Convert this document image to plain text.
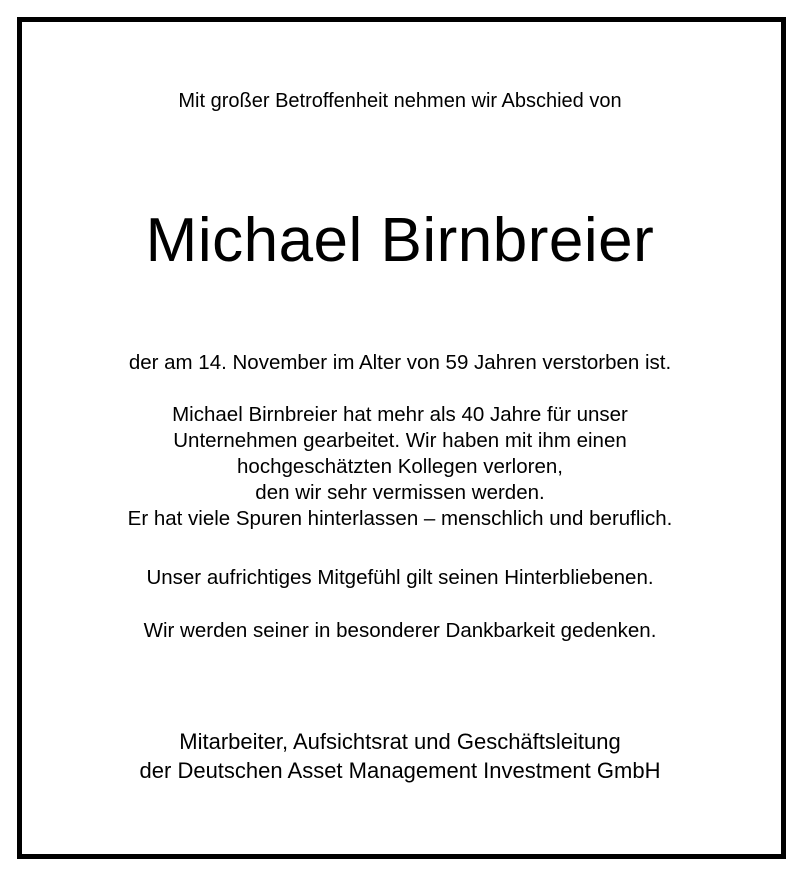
Mit großer Betroffenheit nehmen wir Abschied von
Michael Birnbreier
der am 14. November im Alter von 59 Jahren verstorben ist.
Michael Birnbreier hat mehr als 40 Jahre für unser
Unternehmen gearbeitet. Wir haben mit ihm einen
hochgeschätzten Kollegen verloren,
den wir sehr vermissen werden.
Er hat viele Spuren hinterlassen – menschlich und beruflich.
Unser aufrichtiges Mitgefühl gilt seinen Hinterbliebenen.
Wir werden seiner in besonderer Dankbarkeit gedenken.
Mitarbeiter, Aufsichtsrat und Geschäftsleitung
der Deutschen Asset Management Investment GmbH
